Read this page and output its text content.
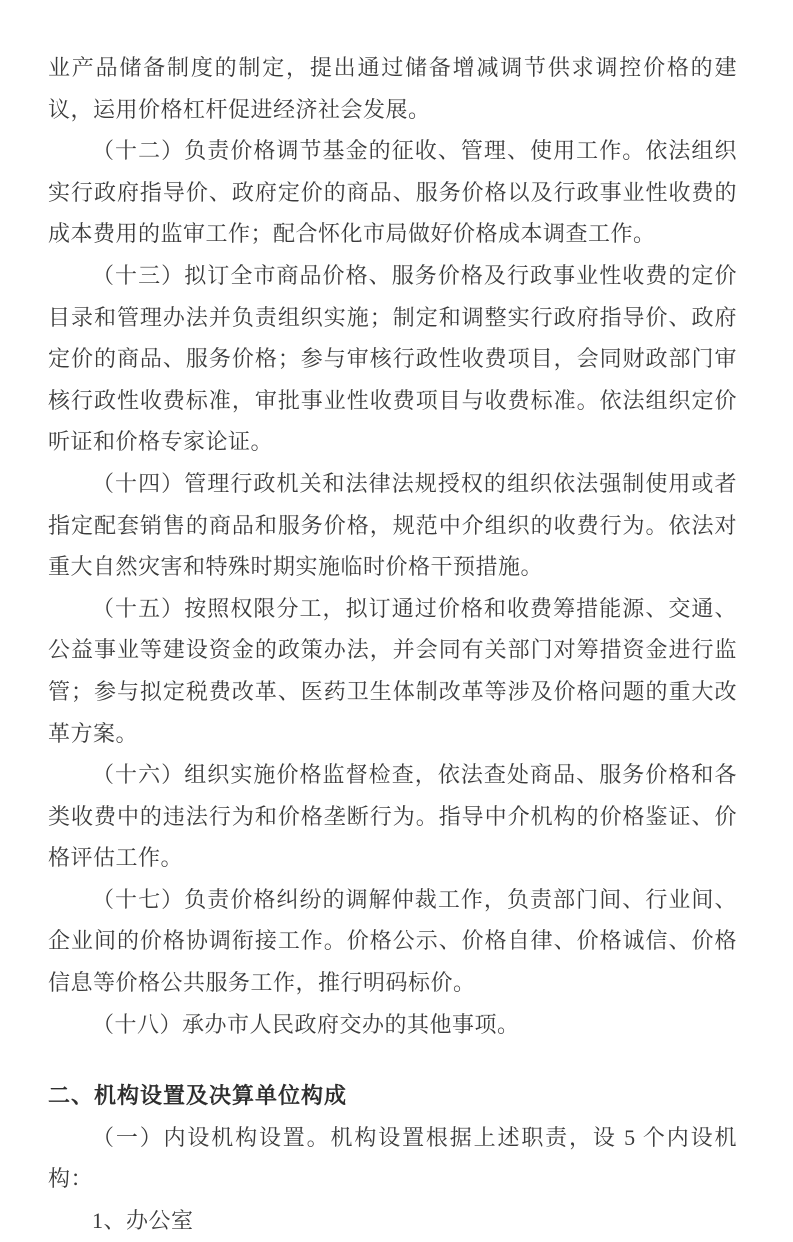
业产品储备制度的制定，提出通过储备增减调节供求调控价格的建议，运用价格杠杆促进经济社会发展。

（十二）负责价格调节基金的征收、管理、使用工作。依法组织实行政府指导价、政府定价的商品、服务价格以及行政事业性收费的成本费用的监审工作；配合怀化市局做好价格成本调查工作。

（十三）拟订全市商品价格、服务价格及行政事业性收费的定价目录和管理办法并负责组织实施；制定和调整实行政府指导价、政府定价的商品、服务价格；参与审核行政性收费项目，会同财政部门审核行政性收费标准，审批事业性收费项目与收费标准。依法组织定价听证和价格专家论证。

（十四）管理行政机关和法律法规授权的组织依法强制使用或者指定配套销售的商品和服务价格，规范中介组织的收费行为。依法对重大自然灾害和特殊时期实施临时价格干预措施。

（十五）按照权限分工，拟订通过价格和收费筹措能源、交通、公益事业等建设资金的政策办法，并会同有关部门对筹措资金进行监管；参与拟定税费改革、医药卫生体制改革等涉及价格问题的重大改革方案。

（十六）组织实施价格监督检查，依法查处商品、服务价格和各类收费中的违法行为和价格垄断行为。指导中介机构的价格鉴证、价格评估工作。

（十七）负责价格纠纷的调解仲裁工作，负责部门间、行业间、企业间的价格协调衔接工作。价格公示、价格自律、价格诚信、价格信息等价格公共服务工作，推行明码标价。

（十八）承办市人民政府交办的其他事项。

二、机构设置及决算单位构成

（一）内设机构设置。机构设置根据上述职责，设 5 个内设机构：

1、办公室
